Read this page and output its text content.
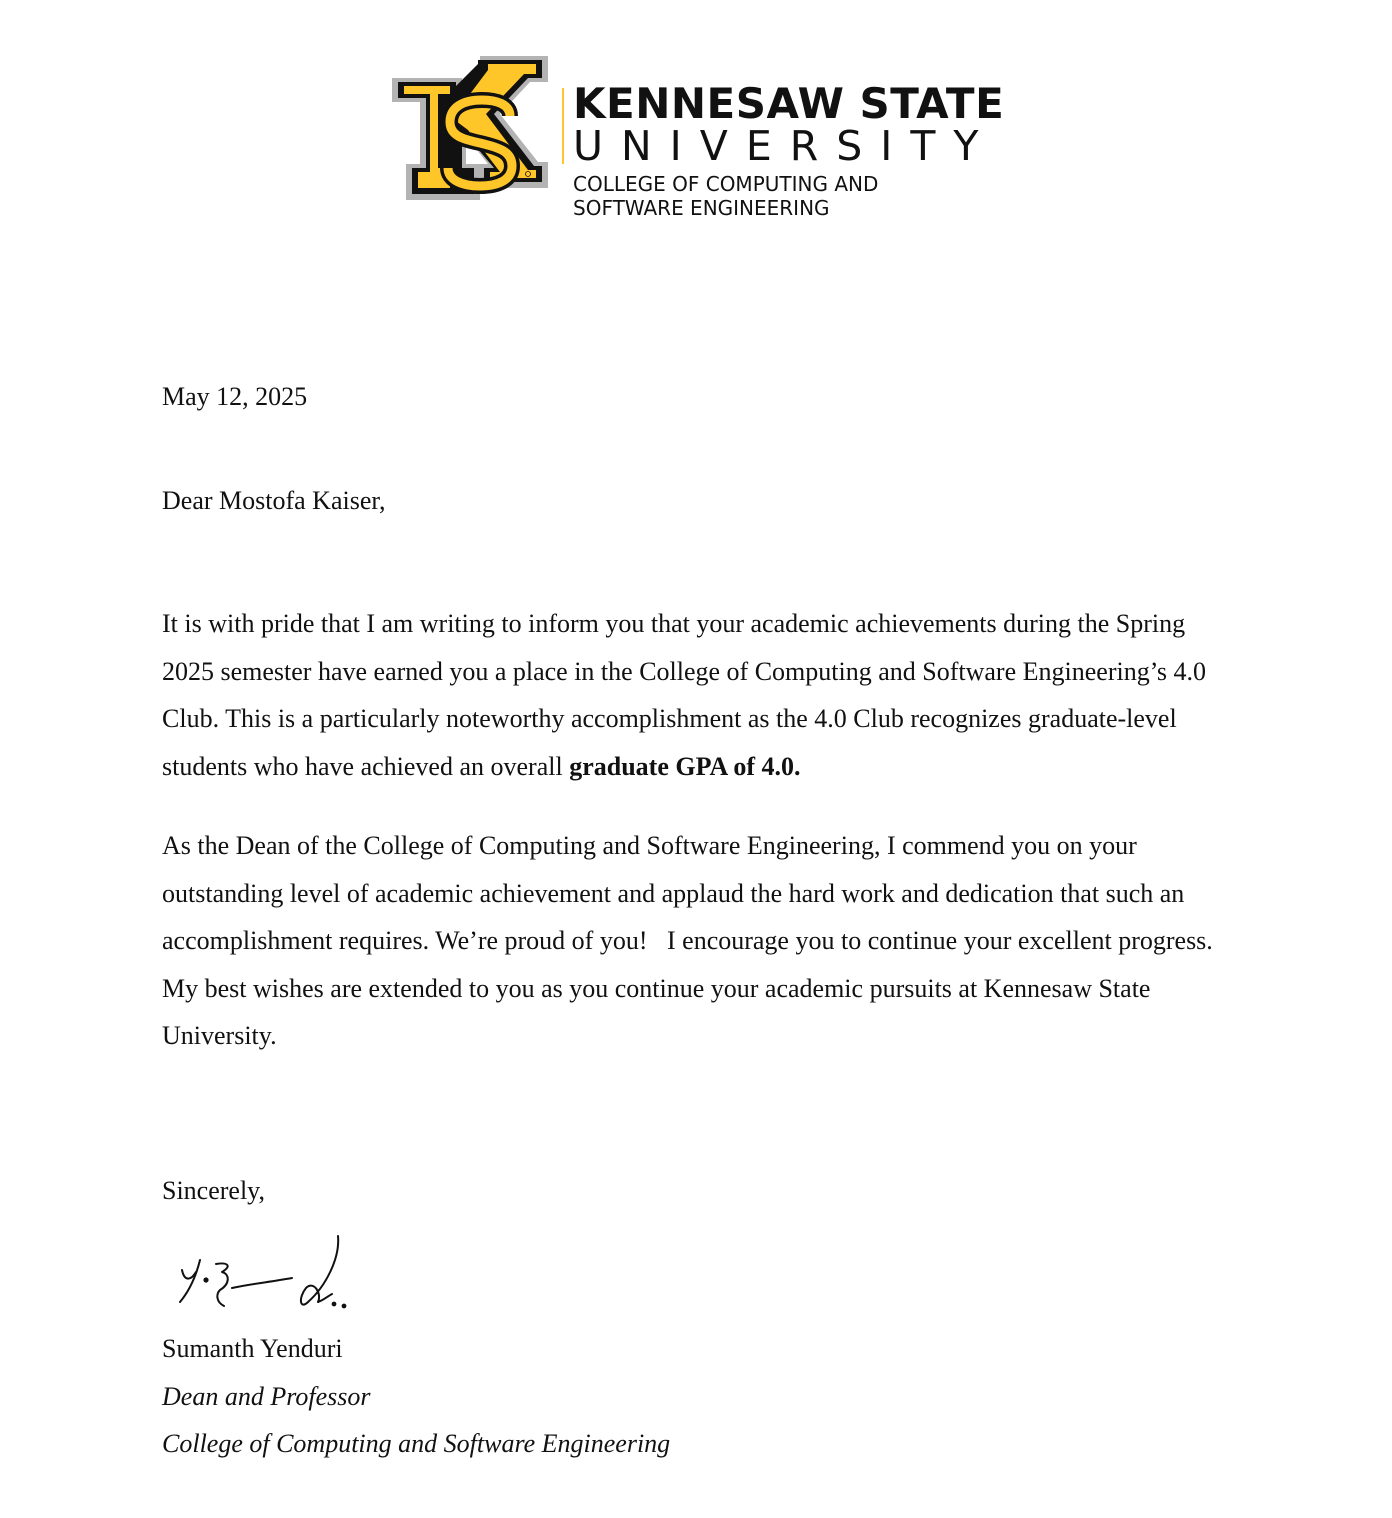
KENNESAW STATE
UNIVERSITY
COLLEGE OF COMPUTING AND
SOFTWARE ENGINEERING
May 12, 2025
Dear Mostofa Kaiser,

It is with pride that I am writing to inform you that your academic achievements during the Spring 2025 semester have earned you a place in the College of Computing and Software Engineering’s 4.0 Club. This is a particularly noteworthy accomplishment as the 4.0 Club recognizes graduate-level students who have achieved an overall graduate GPA of 4.0.

As the Dean of the College of Computing and Software Engineering, I commend you on your outstanding level of academic achievement and applaud the hard work and dedication that such an accomplishment requires. We’re proud of you!   I encourage you to continue your excellent progress. My best wishes are extended to you as you continue your academic pursuits at Kennesaw State University.

Sincerely,
Sumanth Yenduri
Dean and Professor
College of Computing and Software Engineering
